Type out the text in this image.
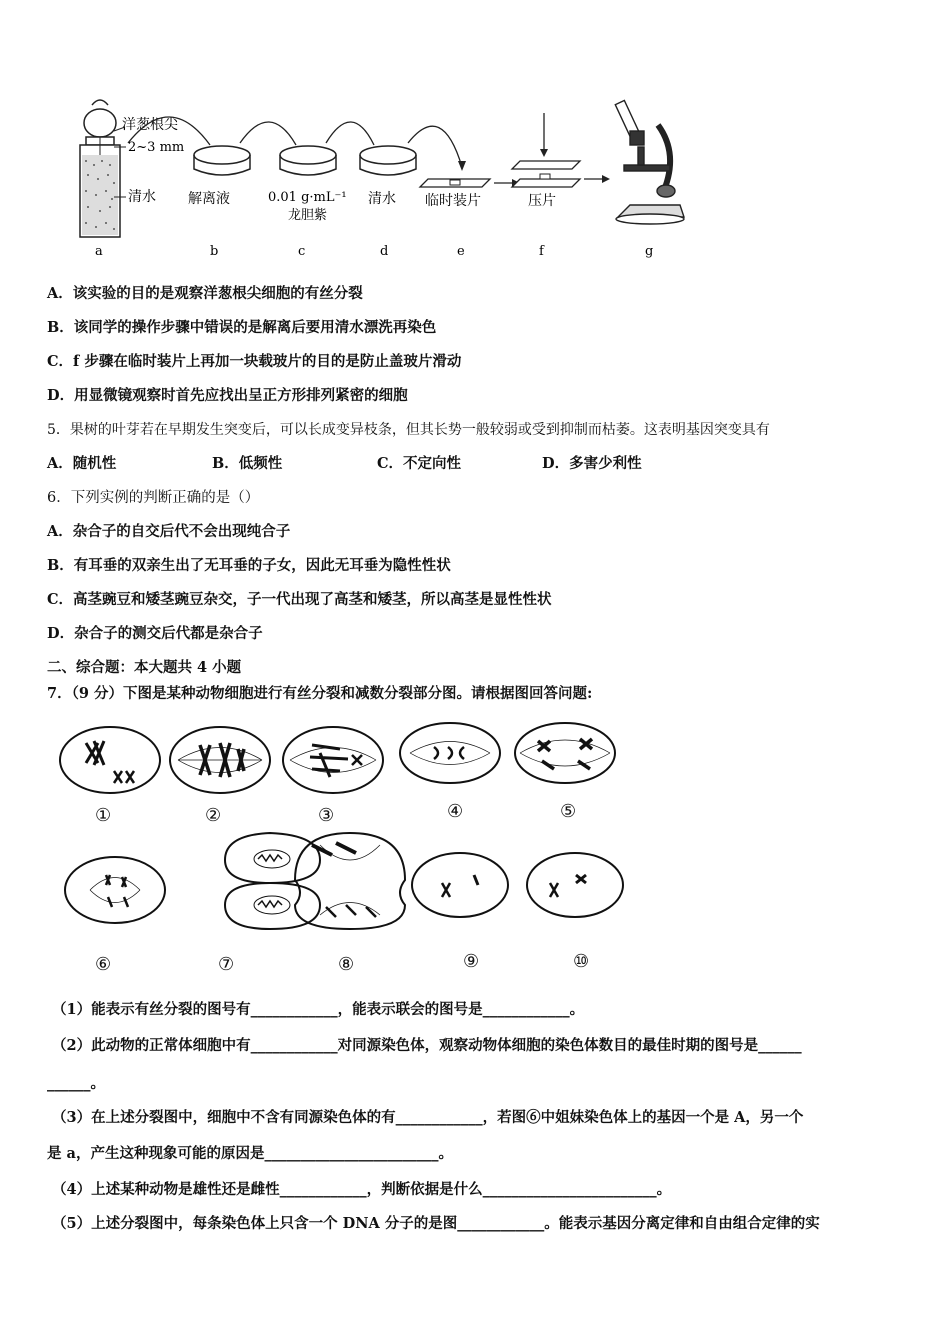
洋葱根尖
2~3 mm
清水 解离液	0.01 g·mL⁻¹
龙胆紫
清水 临时装片	压片
a	b	c	d	e	f	g
A．该实验的目的是观察洋葱根尖细胞的有丝分裂
B．该同学的操作步骤中错误的是解离后要用清水漂洗再染色
C．f 步骤在临时装片上再加一块载玻片的目的是防止盖玻片滑动
D．用显微镜观察时首先应找出呈正方形排列紧密的细胞
5．果树的叶芽若在早期发生突变后，可以长成变异枝条，但其长势一般较弱或受到抑制而枯萎。这表明基因突变具有
A．随机性	B．低频性	C．不定向性	D．多害少利性
6．下列实例的判断正确的是（）
A．杂合子的自交后代不会出现纯合子
B．有耳垂的双亲生出了无耳垂的子女，因此无耳垂为隐性性状
C．高茎豌豆和矮茎豌豆杂交，子一代出现了高茎和矮茎，所以高茎是显性性状
D．杂合子的测交后代都是杂合子
二、综合题：本大题共 4 小题
7．（9 分）下图是某种动物细胞进行有丝分裂和减数分裂部分图。请根据图回答问题:
①	②	③	④	⑤
⑥	⑦	⑧	⑨	⑩
（1）能表示有丝分裂的图号有____________，能表示联会的图号是____________。
（2）此动物的正常体细胞中有____________对同源染色体，观察动物体细胞的染色体数目的最佳时期的图号是______
______。
（3）在上述分裂图中，细胞中不含有同源染色体的有____________，若图⑥中姐妹染色体上的基因一个是 A，另一个
是 a，产生这种现象可能的原因是________________________。
（4）上述某种动物是雄性还是雌性____________，判断依据是什么________________________。
（5）上述分裂图中，每条染色体上只含一个 DNA 分子的是图____________。能表示基因分离定律和自由组合定律的实
